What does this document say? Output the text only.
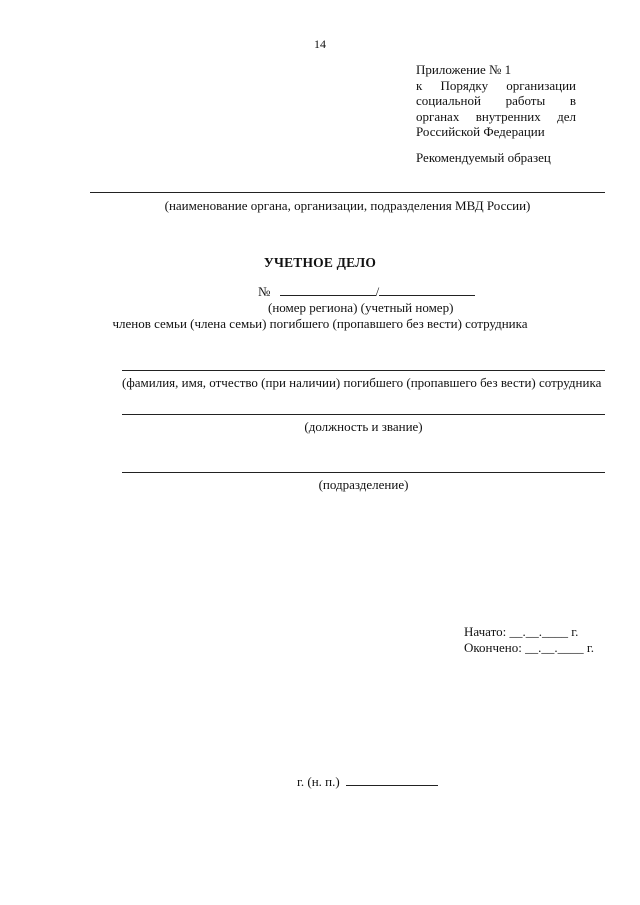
14
Приложение № 1
к Порядку организации
социальной работы в
органах внутренних дел
Российской Федерации
Рекомендуемый образец
(наименование органа, организации, подразделения МВД России)
УЧЕТНОЕ ДЕЛО
№	/
(номер региона) (учетный номер)
членов семьи (члена семьи) погибшего (пропавшего без вести) сотрудника
(фамилия, имя, отчество (при наличии) погибшего (пропавшего без вести) сотрудника
(должность и звание)
(подразделение)
Начато: __.__.____ г.
Окончено: __.__.____ г.
г. (н. п.)
